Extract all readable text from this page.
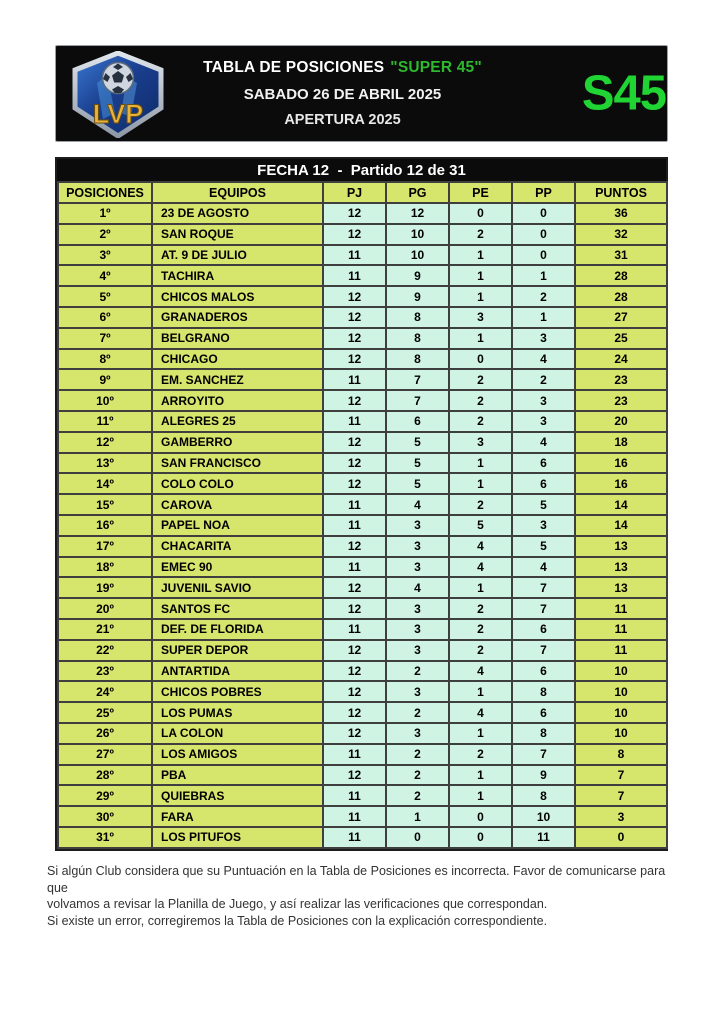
LVP
TABLA DE POSICIONES "SUPER 45"
SABADO 26 DE ABRIL 2025
APERTURA 2025	S45
FECHA 12  -  Partido 12 de 31
POSICIONES	EQUIPOS	PJ	PG	PE	PP	PUNTOS
1º	23 DE AGOSTO	12	12	0	0	36
2º	SAN ROQUE	12	10	2	0	32
3º	AT. 9 DE JULIO	11	10	1	0	31
4º	TACHIRA	11	9	1	1	28
5º	CHICOS MALOS	12	9	1	2	28
6º	GRANADEROS	12	8	3	1	27
7º	BELGRANO	12	8	1	3	25
8º	CHICAGO	12	8	0	4	24
9º	EM. SANCHEZ	11	7	2	2	23
10º	ARROYITO	12	7	2	3	23
11º	ALEGRES 25	11	6	2	3	20
12º	GAMBERRO	12	5	3	4	18
13º	SAN FRANCISCO	12	5	1	6	16
14º	COLO COLO	12	5	1	6	16
15º	CAROVA	11	4	2	5	14
16º	PAPEL NOA	11	3	5	3	14
17º	CHACARITA	12	3	4	5	13
18º	EMEC 90	11	3	4	4	13
19º	JUVENIL SAVIO	12	4	1	7	13
20º	SANTOS FC	12	3	2	7	11
21º	DEF. DE FLORIDA	11	3	2	6	11
22º	SUPER DEPOR	12	3	2	7	11
23º	ANTARTIDA	12	2	4	6	10
24º	CHICOS POBRES	12	3	1	8	10
25º	LOS PUMAS	12	2	4	6	10
26º	LA COLON	12	3	1	8	10
27º	LOS AMIGOS	11	2	2	7	8
28º	PBA	12	2	1	9	7
29º	QUIEBRAS	11	2	1	8	7
30º	FARA	11	1	0	10	3
31º	LOS PITUFOS	11	0	0	11	0
Si algún Club considera que su Puntuación en la Tabla de Posiciones es incorrecta. Favor de comunicarse para que
volvamos a revisar la Planilla de Juego, y así realizar las verificaciones que correspondan.
Si existe un error, corregiremos la Tabla de Posiciones con la explicación correspondiente.
